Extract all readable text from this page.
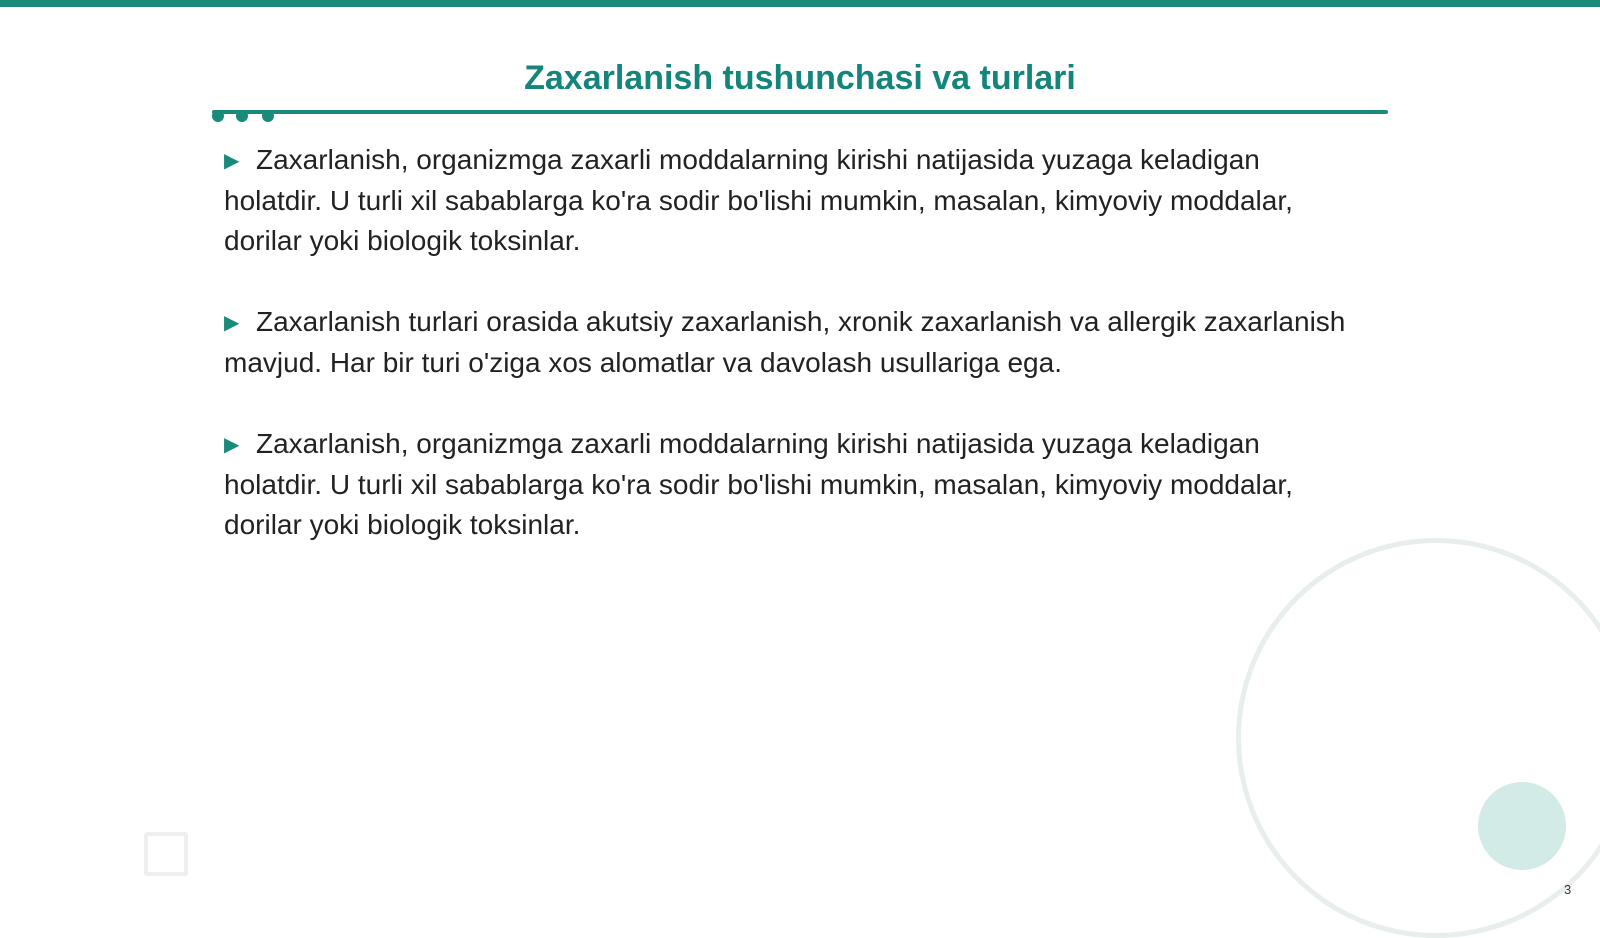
Zaxarlanish tushunchasi va turlari

▶ Zaxarlanish, organizmga zaxarli moddalarning kirishi natijasida yuzaga keladigan holatdir. U turli xil sabablarga ko'ra sodir bo'lishi mumkin, masalan, kimyoviy moddalar, dorilar yoki biologik toksinlar.

▶ Zaxarlanish turlari orasida akutsiy zaxarlanish, xronik zaxarlanish va allergik zaxarlanish mavjud. Har bir turi o'ziga xos alomatlar va davolash usullariga ega.

▶ Zaxarlanish, organizmga zaxarli moddalarning kirishi natijasida yuzaga keladigan holatdir. U turli xil sabablarga ko'ra sodir bo'lishi mumkin, masalan, kimyoviy moddalar, dorilar yoki biologik toksinlar.

3
